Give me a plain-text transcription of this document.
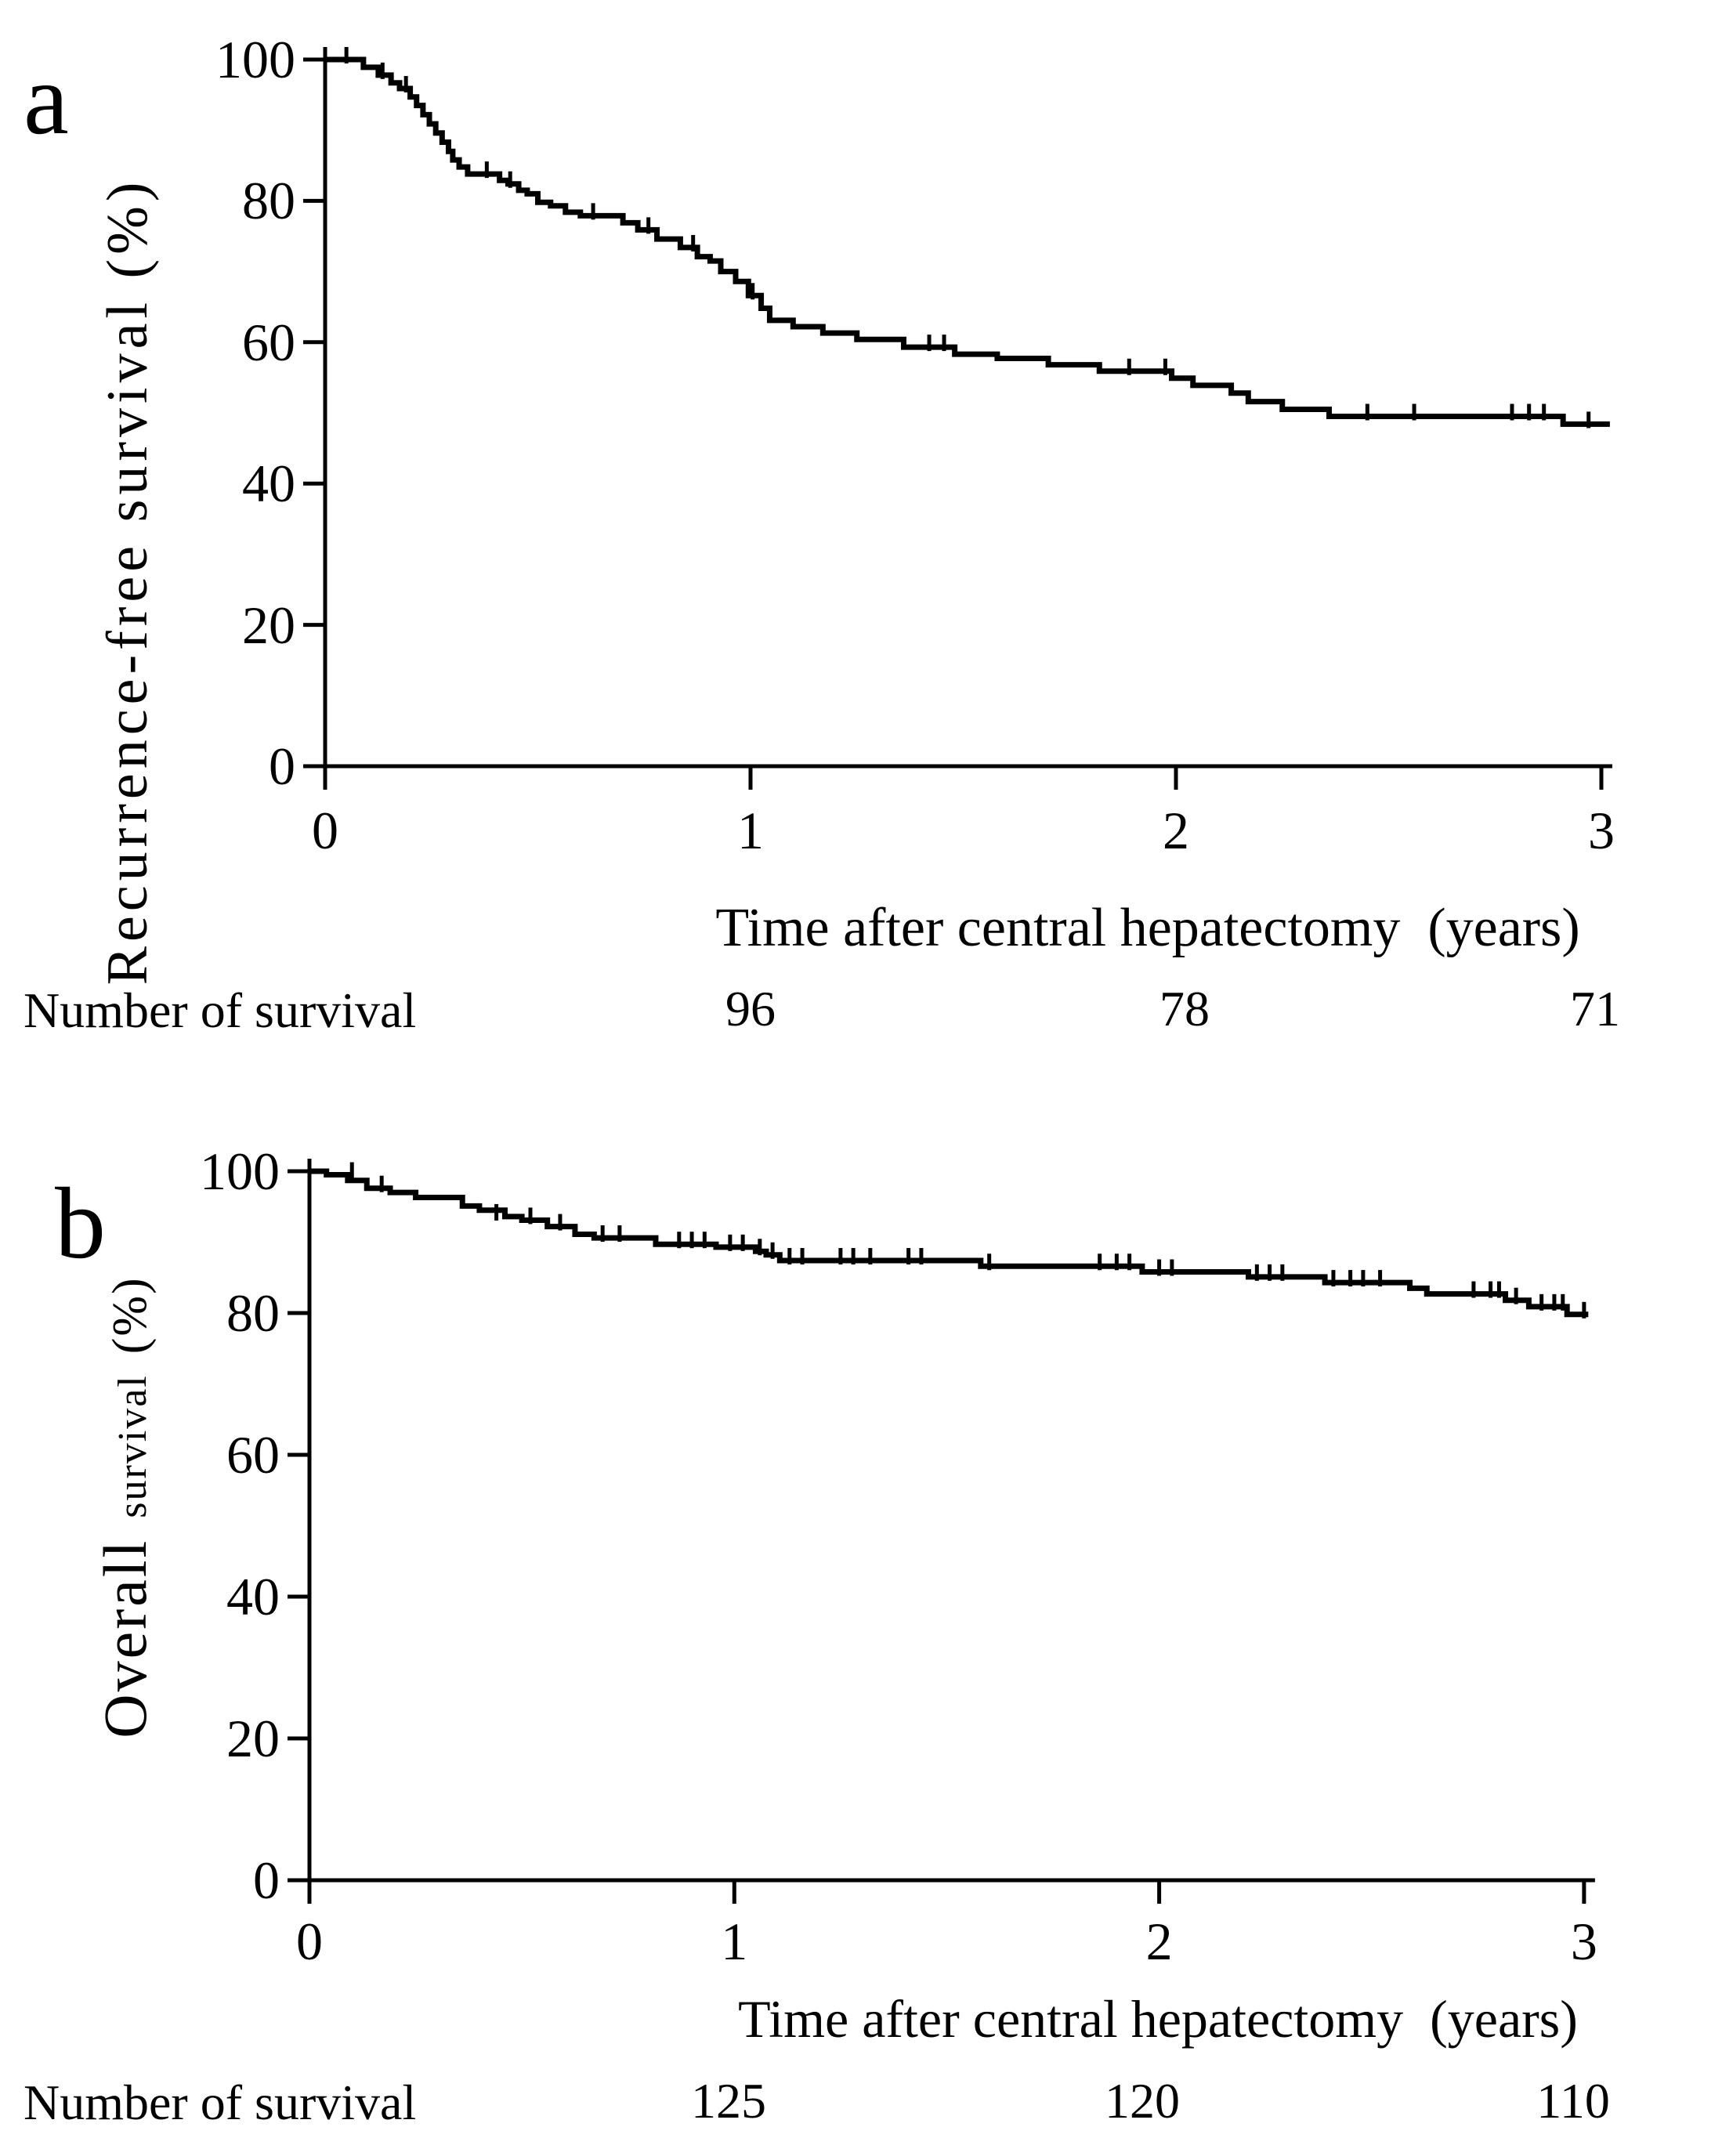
a
Recurrence-free survival (%)	Time after central hepatectomy  (years)
Number of survival	96	78	71
b

Overallsurvival(%)

Time after central hepatectomy  (years)
Number of survival	125	120	110
0	1	2	3
0
20
40
60
80
100
0	1	2	3
0
20
40
60
80
100
